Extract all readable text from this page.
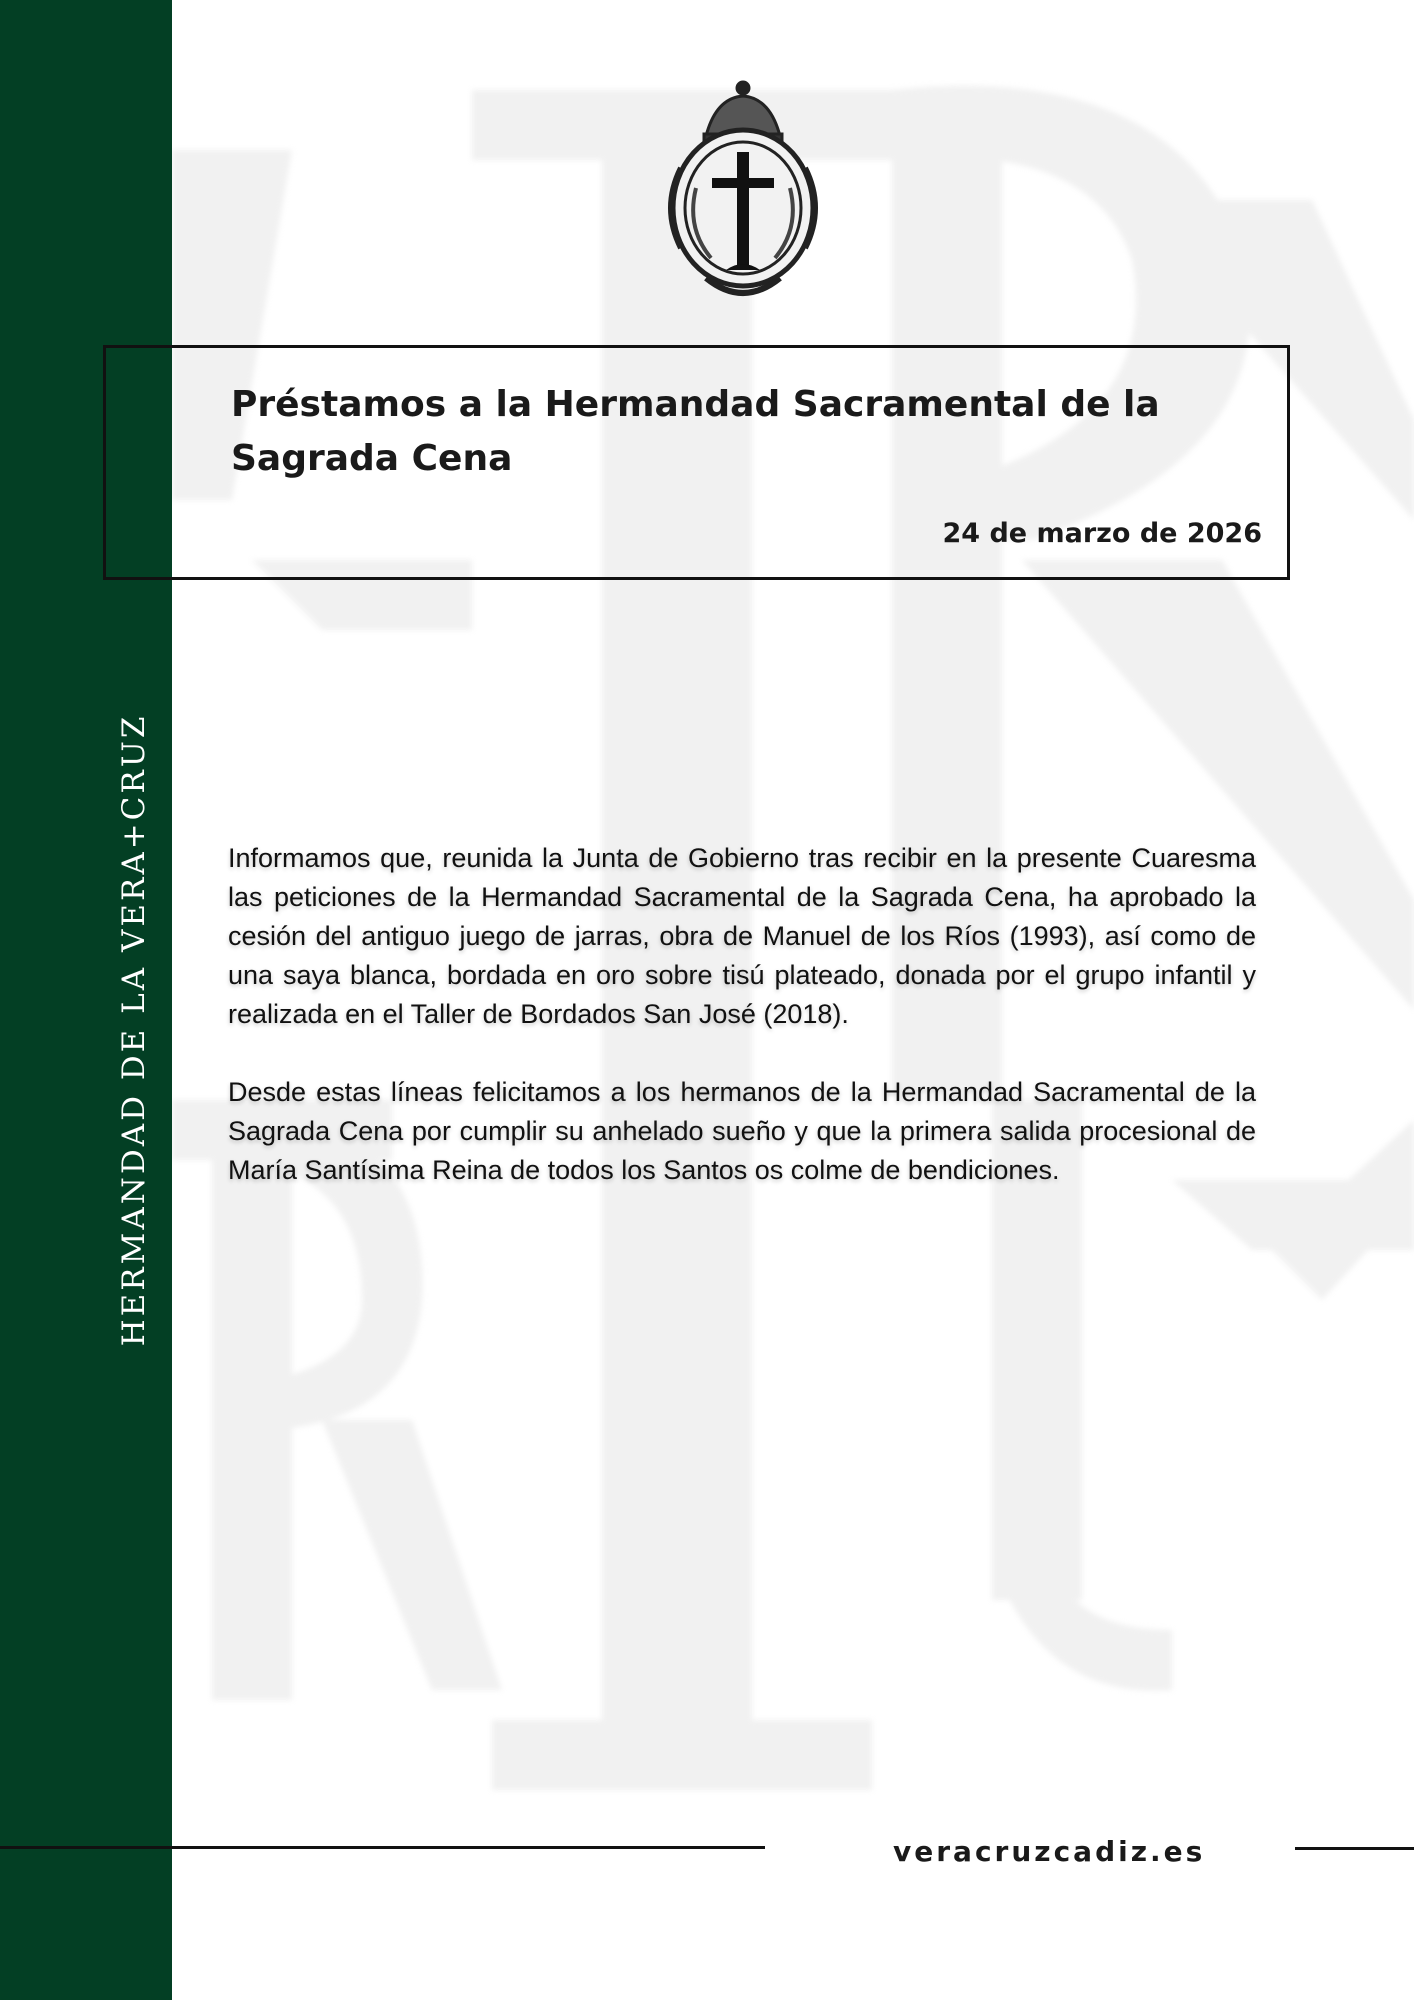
HERMANDAD DE LA VERA+CRUZ
Préstamos a la Hermandad Sacramental de la Sagrada Cena
24 de marzo de 2026

Informamos que, reunida la Junta de Gobierno tras recibir en la presente Cuaresma las peticiones de la Hermandad Sacramental de la Sagrada Cena, ha aprobado la cesión del antiguo juego de jarras, obra de Manuel de los Ríos (1993), así como de una saya blanca, bordada en oro sobre tisú plateado, donada por el grupo infantil y realizada en el Taller de Bordados San José (2018).

Desde estas líneas felicitamos a los hermanos de la Hermandad Sacramental de la Sagrada Cena por cumplir su anhelado sueño y que la primera salida procesional de María Santísima Reina de todos los Santos os colme de bendiciones.

veracruzcadiz.es
